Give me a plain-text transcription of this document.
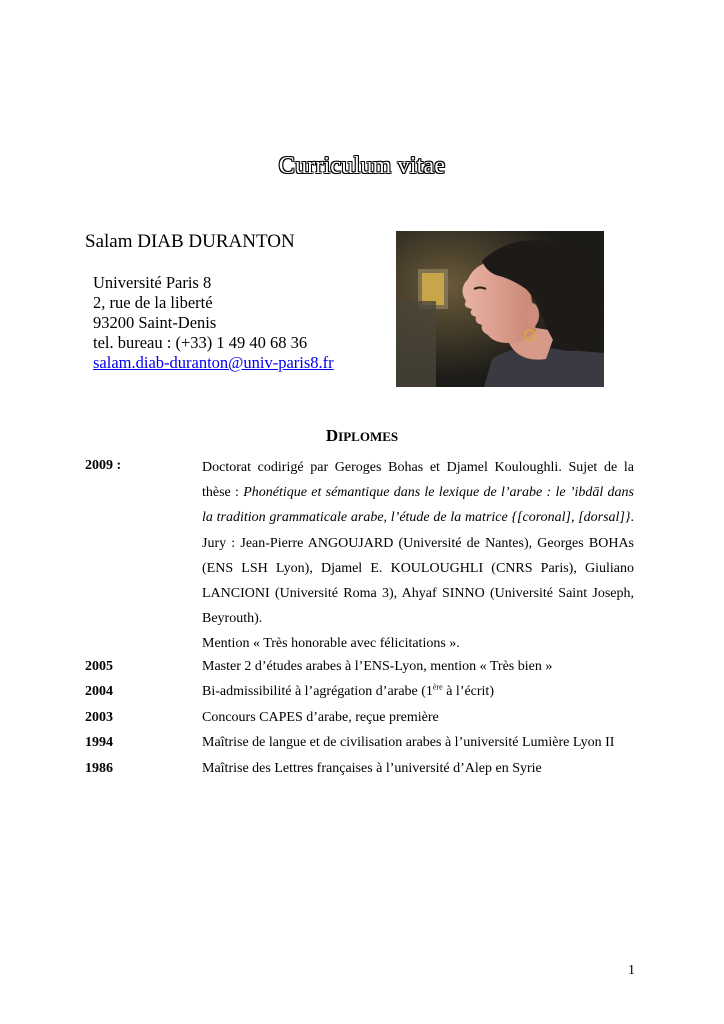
Curriculum vitae
Salam DIAB DURANTON
Université Paris 8
2, rue de la liberté
93200 Saint-Denis
tel. bureau : (+33) 1 49 40 68 36
salam.diab-duranton@univ-paris8.fr
DIPLOMES
2009 :	Doctorat codirigé par Geroges Bohas et Djamel Kouloughli. Sujet de la thèse : Phonétique et sémantique dans le lexique de l’arabe : le ’ibdāl dans la tradition grammaticale arabe, l’étude de la matrice {[coronal], [dorsal]}. Jury : Jean-Pierre ANGOUJARD (Université de Nantes), Georges BOHAs (ENS LSH Lyon), Djamel E. KOULOUGHLI (CNRS Paris), Giuliano LANCIONI (Université Roma 3), Ahyaf SINNO (Université Saint Joseph, Beyrouth).

Mention « Très honorable avec félicitations ».

2005	Master 2 d’études arabes à l’ENS-Lyon, mention « Très bien »
2004	Bi-admissibilité à l’agrégation d’arabe (1ère à l’écrit)
2003	Concours CAPES d’arabe, reçue première
1994	Maîtrise de langue et de civilisation arabes à l’université Lumière Lyon II
1986	Maîtrise des Lettres françaises à l’université d’Alep en Syrie
1
